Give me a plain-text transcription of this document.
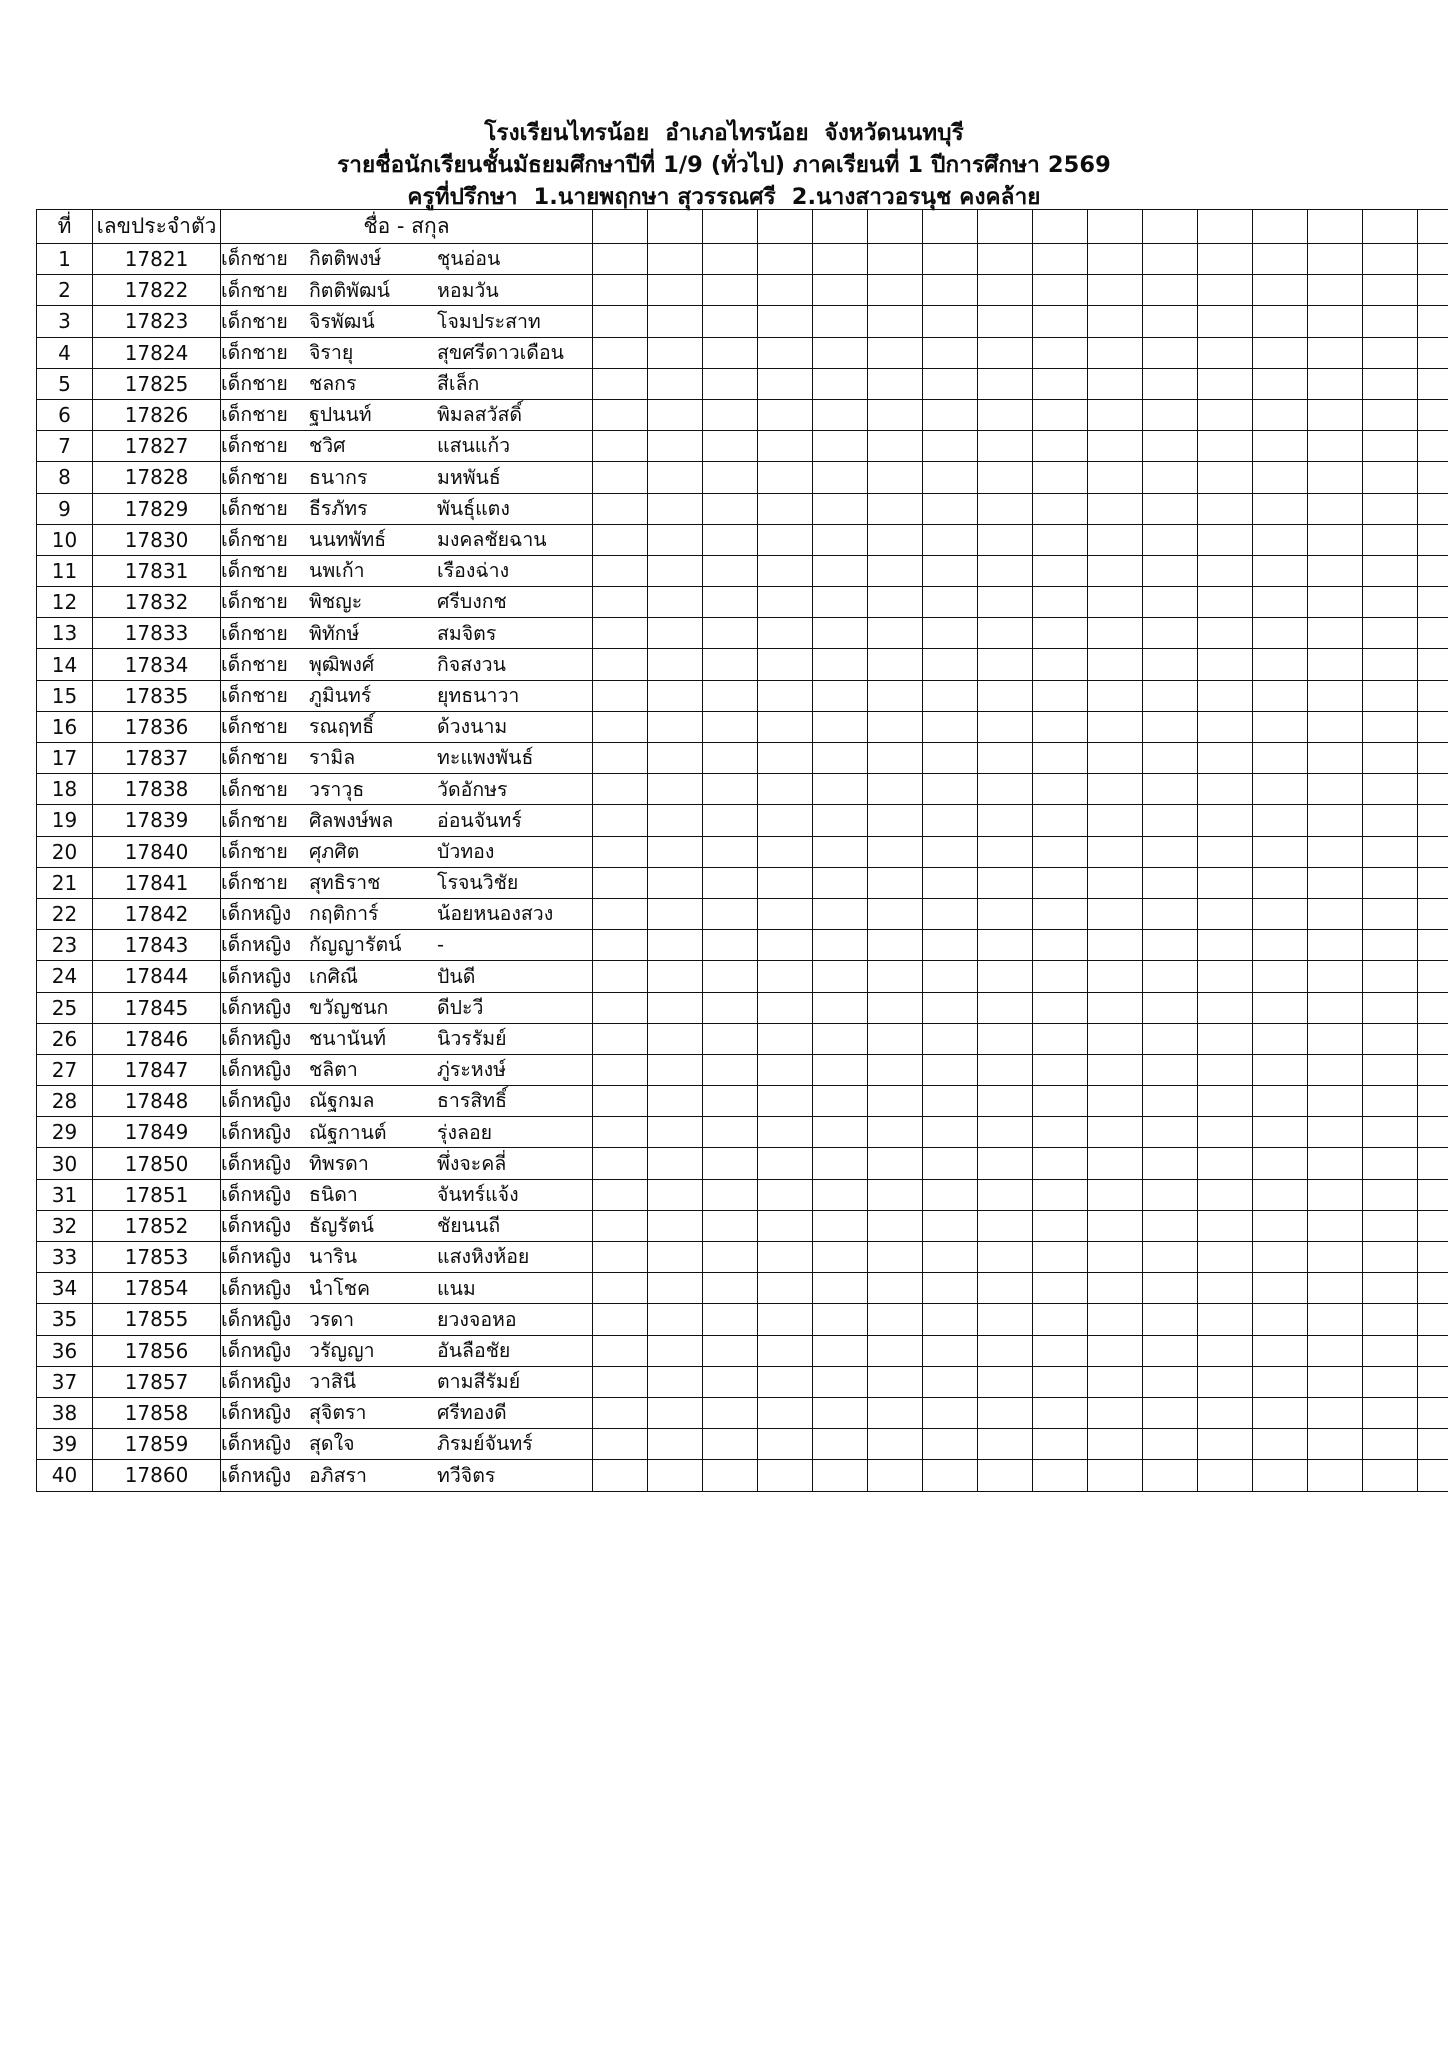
โรงเรียนไทรน้อย  อำเภอไทรน้อย  จังหวัดนนทบุรี
รายชื่อนักเรียนชั้นมัธยมศึกษาปีที่ 1/9 (ทั่วไป) ภาคเรียนที่ 1 ปีการศึกษา 2569
ครูที่ปรึกษา  1.นายพฤกษา สุวรรณศรี  2.นางสาวอรนุช คงคล้าย
ที่	เลขประจำตัว	ชื่อ - สกุล																
1	17821	เด็กชาย กิตติพงษ์ ชุนอ่อน																

2	17822	เด็กชาย กิตติพัฒน์ หอมวัน																

3	17823	เด็กชาย จิรพัฒน์ โจมประสาท																

4	17824	เด็กชาย จิรายุ สุขศรีดาวเดือน																

5	17825	เด็กชาย ชลกร สีเล็ก																

6	17826	เด็กชาย ฐปนนท์ พิมลสวัสดิ์																

7	17827	เด็กชาย ชวิศ แสนแก้ว																

8	17828	เด็กชาย ธนากร มหพันธ์																

9	17829	เด็กชาย ธีรภัทร พันธุ์แตง																

10	17830	เด็กชาย นนทพัทธ์ มงคลชัยฉาน																

11	17831	เด็กชาย นพเก้า เรืองฉ่าง																

12	17832	เด็กชาย พิชญะ ศรีบงกช																

13	17833	เด็กชาย พิทักษ์ สมจิตร																

14	17834	เด็กชาย พุฒิพงศ์ กิจสงวน																

15	17835	เด็กชาย ภูมินทร์ ยุทธนาวา																

16	17836	เด็กชาย รณฤทธิ์ ด้วงนาม																

17	17837	เด็กชาย รามิล ทะแพงพันธ์																

18	17838	เด็กชาย วราวุธ วัดอักษร																

19	17839	เด็กชาย ศิลพงษ์พล อ่อนจันทร์																

20	17840	เด็กชาย ศุภศิต บัวทอง																

21	17841	เด็กชาย สุทธิราช โรจนวิชัย																

22	17842	เด็กหญิง กฤติการ์ น้อยหนองสวง																

23	17843	เด็กหญิง กัญญารัตน์ -																

24	17844	เด็กหญิง เกศิณี ปันดี																

25	17845	เด็กหญิง ขวัญชนก ดีปะวี																

26	17846	เด็กหญิง ชนานันท์ นิวรรัมย์																

27	17847	เด็กหญิง ชลิตา ภู่ระหงษ์																

28	17848	เด็กหญิง ณัฐกมล ธารสิทธิ์																

29	17849	เด็กหญิง ณัฐกานต์ รุ่งลอย																

30	17850	เด็กหญิง ทิพรดา พึ่งจะคลี่																

31	17851	เด็กหญิง ธนิดา จันทร์แจ้ง																

32	17852	เด็กหญิง ธัญรัตน์ ชัยนนถี																

33	17853	เด็กหญิง นาริน แสงหิงห้อย																

34	17854	เด็กหญิง นำโชค แนม																

35	17855	เด็กหญิง วรดา ยวงจอหอ																

36	17856	เด็กหญิง วรัญญา อันลือชัย																

37	17857	เด็กหญิง วาสินี ตามสีรัมย์																

38	17858	เด็กหญิง สุจิตรา ศรีทองดี																

39	17859	เด็กหญิง สุดใจ ภิรมย์จันทร์																

40	17860	เด็กหญิง อภิสรา ทวีจิตร																
